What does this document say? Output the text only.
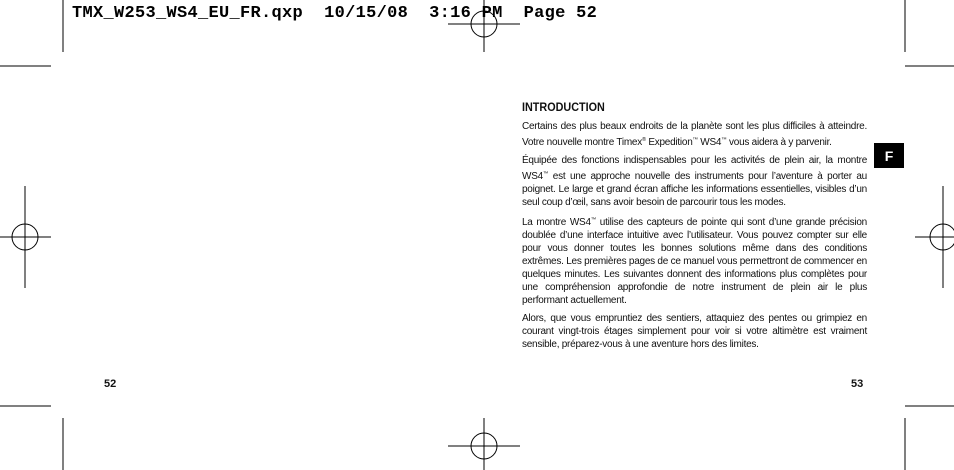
TMX_W253_WS4_EU_FR.qxp 10/15/08 3:16 PM Page 52
INTRODUCTION

Certains des plus beaux endroits de la planète sont les plus difficiles à atteindre. Votre nouvelle montre Timex® Expedition™ WS4™ vous aidera à y parvenir.

Équipée des fonctions indispensables pour les activités de plein air, la montre WS4™ est une approche nouvelle des instruments pour l’aventure à porter au poignet. Le large et grand écran affiche les informations essentielles, visibles d’un seul coup d’œil, sans avoir besoin de parcourir tous les modes.

La montre WS4™ utilise des capteurs de pointe qui sont d’une grande précision doublée d’une interface intuitive avec l’utilisateur. Vous pouvez compter sur elle pour vous donner toutes les bonnes solutions même dans des conditions extrêmes. Les premières pages de ce manuel vous permettront de commencer en quelques minutes. Les suivantes donnent des informations plus complètes pour une compréhension approfondie de notre instrument de plein air le plus performant actuellement.

Alors, que vous empruntiez des sentiers, attaquiez des pentes ou grimpiez en courant vingt-trois étages simplement pour voir si votre altimètre est vraiment sensible, préparez-vous à une aventure hors des limites.

F
52	53
